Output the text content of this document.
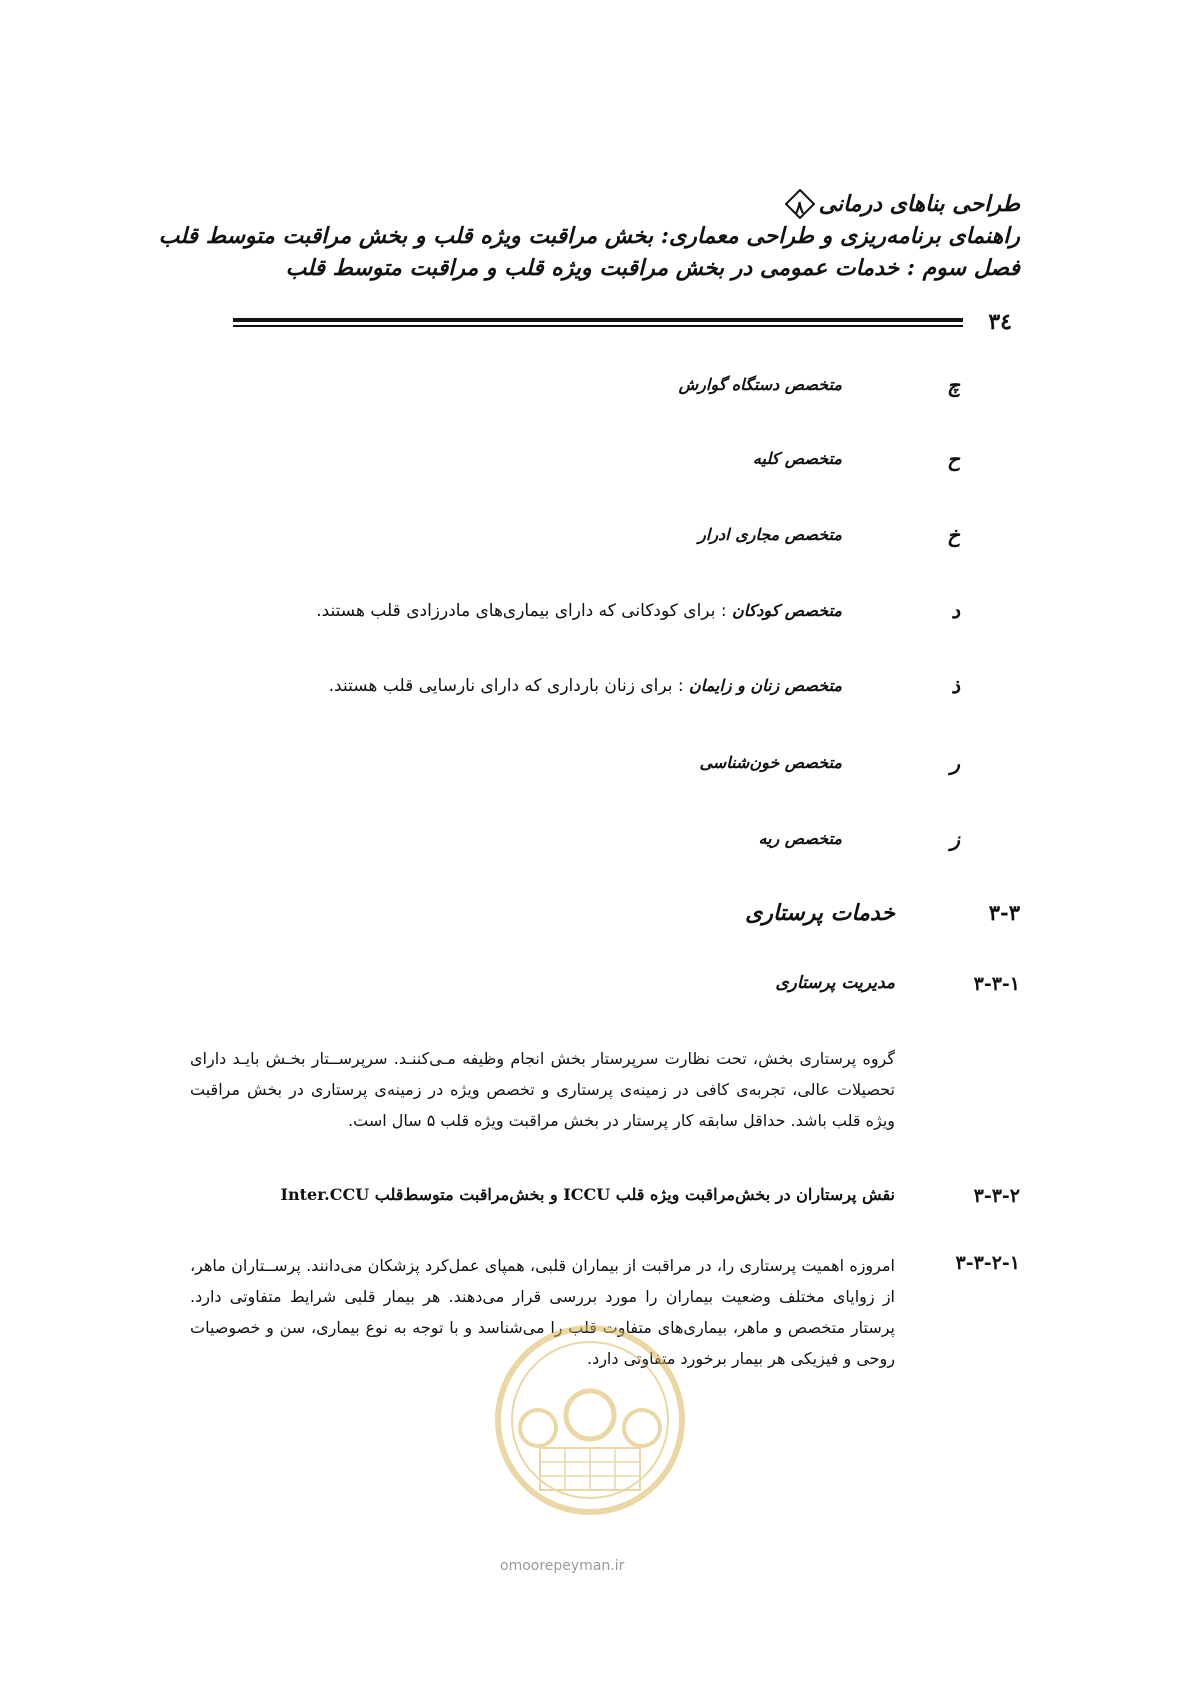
طراحی بناهای درمانی
۸
راهنمای برنامه‌ریزی و طراحی معماری: بخش مراقبت ویژه قلب و بخش مراقبت متوسط قلب
فصل سوم : خدمات عمومی در بخش مراقبت ویژه قلب و مراقبت متوسط قلب
۳٤
چ
متخصص دستگاه گوارش
ح
متخصص کلیه
خ
متخصص مجاری ادرار
د
متخصص کودکان : برای کودکانی که دارای بیماری‌های مادرزادی قلب هستند.
ذ
متخصص زنان و زایمان : برای زنان بارداری که دارای نارسایی قلب هستند.
ر
متخصص خون‌شناسی
ز
متخصص ریه
۳-۳
خدمات پرستاری
۳-۳-۱
مدیریت پرستاری
گروه پرستاری بخش، تحت نظارت سرپرستار بخش انجام وظیفه مـی‌کننـد. سرپرســتار بخـش بایـد دارای تحصیلات عالی، تجربه‌ی کافی در زمینه‌ی پرستاری و تخصص ویژه در زمینه‌ی پرستاری در بخش مراقبت ویژه قلب باشد. حداقل سابقه کار پرستار در بخش مراقبت ویژه قلب ۵ سال است.
۳-۳-۲
نقش پرستاران در بخش‌مراقبت ویژه قلب ICCU و بخش‌مراقبت متوسط‌قلب Inter.CCU
۳-۳-۲-۱
امروزه اهمیت پرستاری را، در مراقبت از بیماران قلبی، همپای عمل‌کرد پزشکان می‌دانند. پرســتاران ماهر، از زوایای مختلف وضعیت بیماران را مورد بررسی قرار می‌دهند. هر بیمار قلبی شرایط متفاوتی دارد. پرستار متخصص و ماهر، بیماری‌های متفاوت قلب را می‌شناسد و با توجه به نوع بیماری، سن و خصوصیات روحی و فیزیکی هر بیمار برخورد متفاوتی دارد.
omoorepeyman.ir
